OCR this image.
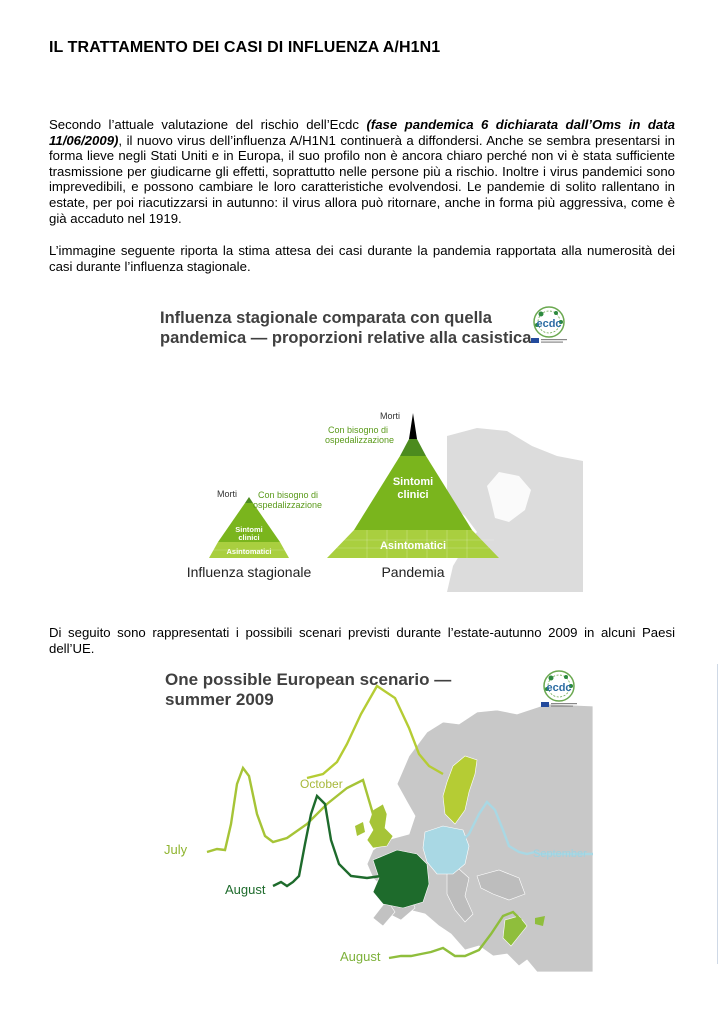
IL TRATTAMENTO DEI CASI DI INFLUENZA A/H1N1
Secondo l’attuale valutazione del rischio dell’Ecdc (fase pandemica 6 dichiarata dall’Oms in data 11/06/2009), il nuovo virus dell’influenza A/H1N1 continuerà a diffondersi. Anche se sembra presentarsi in forma lieve negli Stati Uniti e in Europa, il suo profilo non è ancora chiaro perché non vi è stata sufficiente trasmissione per giudicarne gli effetti, soprattutto nelle persone più a rischio. Inoltre i virus pandemici sono imprevedibili, e possono cambiare le loro caratteristiche evolvendosi. Le pandemie di solito rallentano in estate, per poi riacutizzarsi in autunno: il virus allora può ritornare, anche in forma più aggressiva, come è già accaduto nel 1919.
L’immagine seguente riporta la stima attesa dei casi durante la pandemia rapportata alla numerosità dei casi durante l’influenza stagionale.
Influenza stagionale comparata con quella pandemica — proporzioni relative alla casistica
ecdc
Morti Con bisogno di
ospedalizzazione
Sintomi
clinici
Asintomatici
Influenza stagionale
Morti
Con bisogno di
ospedalizzazione
Sintomi
clinici
Asintomatici
Pandemia
Di seguito sono rappresentati i possibili scenari previsti durante l’estate-autunno 2009 in alcuni Paesi dell’UE.
October
July
August
September
August
One possible European scenario — summer 2009
ecdc
